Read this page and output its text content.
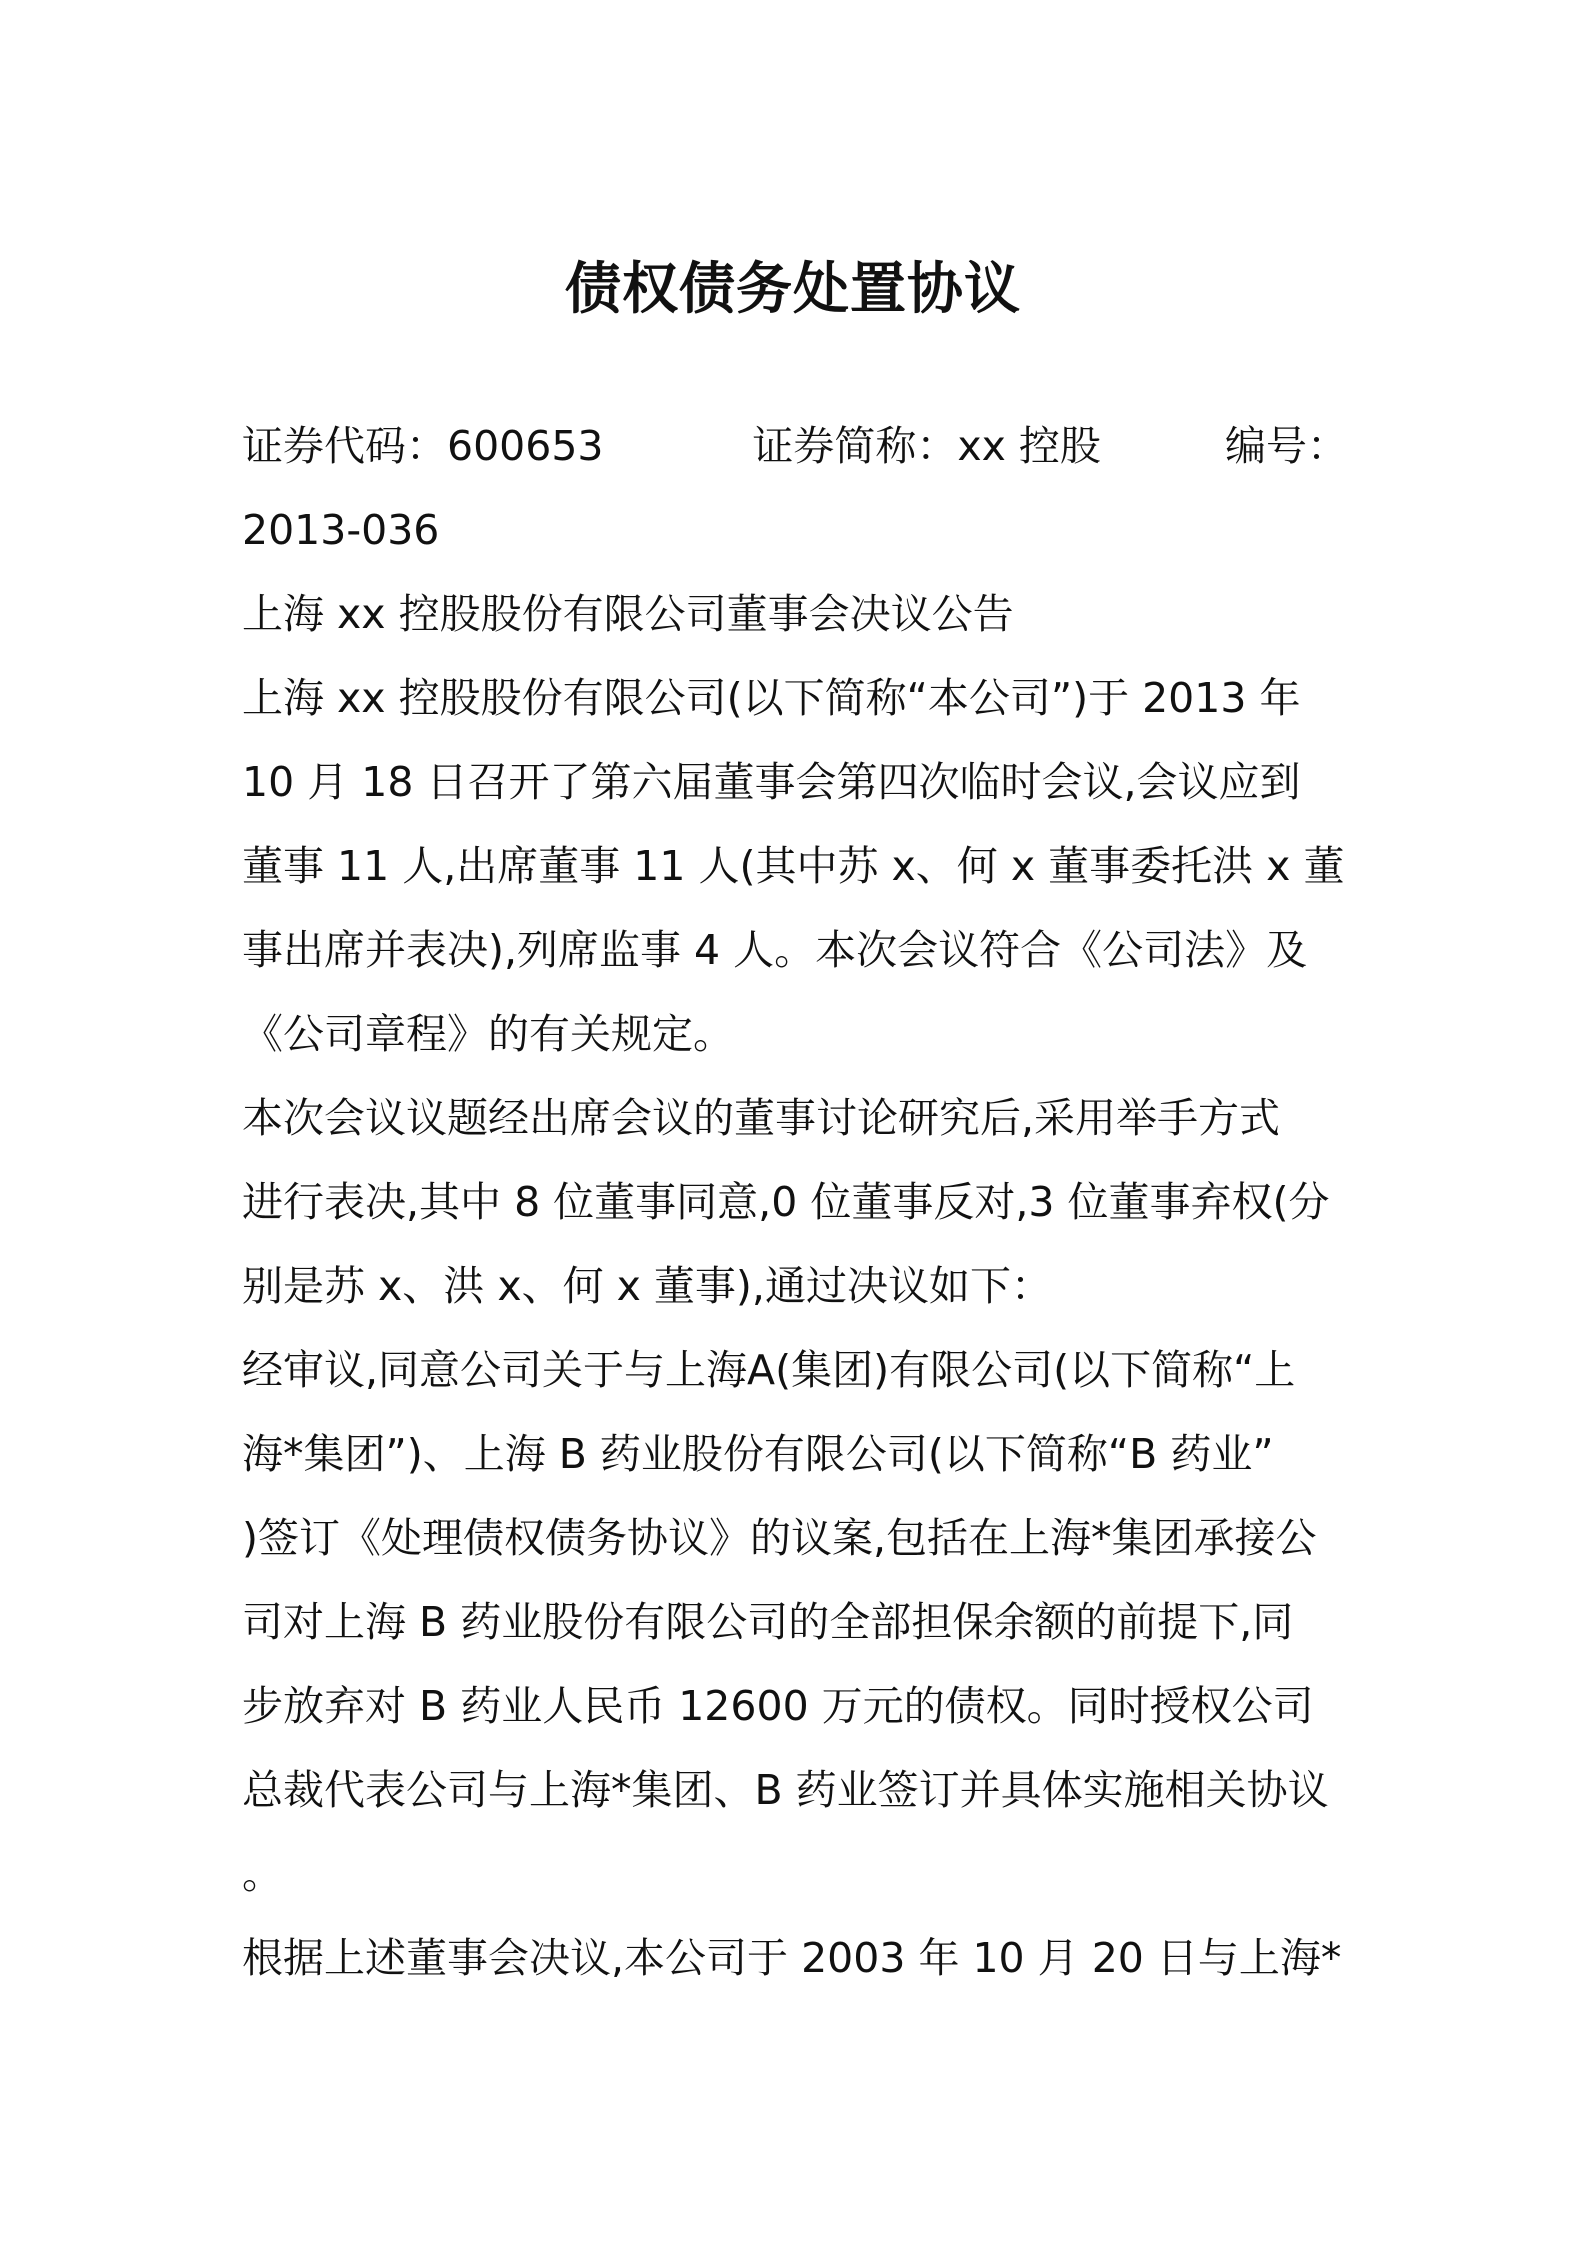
债权债务处置协议
证券代码：600653	证券简称：xx 控股	编号：
2013-036
上海 xx 控股股份有限公司董事会决议公告
上海 xx 控股股份有限公司(以下简称“本公司”)于 2013 年
10 月 18 日召开了第六届董事会第四次临时会议,会议应到
董事 11 人,出席董事 11 人(其中苏 x、何 x 董事委托洪 x 董
事出席并表决),列席监事 4 人。本次会议符合《公司法》及
《公司章程》的有关规定。
本次会议议题经出席会议的董事讨论研究后,采用举手方式
进行表决,其中 8 位董事同意,0 位董事反对,3 位董事弃权(分
别是苏 x、洪 x、何 x 董事),通过决议如下：
经审议,同意公司关于与上海A(集团)有限公司(以下简称“上
海*集团”)、上海 B 药业股份有限公司(以下简称“B 药业”
)签订《处理债权债务协议》的议案,包括在上海*集团承接公
司对上海 B 药业股份有限公司的全部担保余额的前提下,同
步放弃对 B 药业人民币 12600 万元的债权。同时授权公司
总裁代表公司与上海*集团、B 药业签订并具体实施相关协议
。
根据上述董事会决议,本公司于 2003 年 10 月 20 日与上海*
